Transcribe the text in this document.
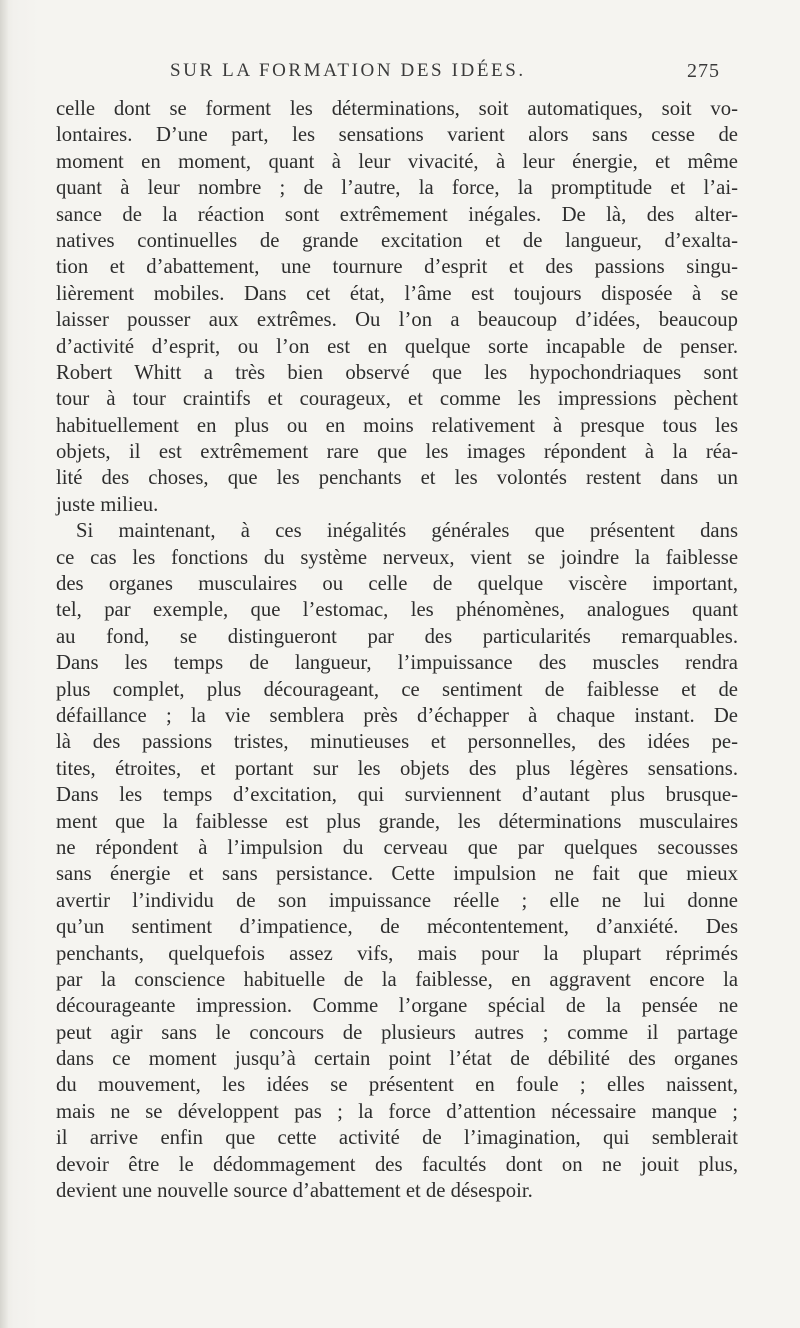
SUR LA FORMATION DES IDÉES.	275
celle dont se forment les déterminations, soit automatiques, soit vo-
lontaires. D’une part, les sensations varient alors sans cesse de
moment en moment, quant à leur vivacité, à leur énergie, et même
quant à leur nombre ; de l’autre, la force, la promptitude et l’ai-
sance de la réaction sont extrêmement inégales. De là, des alter-
natives continuelles de grande excitation et de langueur, d’exalta-
tion et d’abattement, une tournure d’esprit et des passions singu-
lièrement mobiles. Dans cet état, l’âme est toujours disposée à se
laisser pousser aux extrêmes. Ou l’on a beaucoup d’idées, beaucoup
d’activité d’esprit, ou l’on est en quelque sorte incapable de penser.
Robert Whitt a très bien observé que les hypochondriaques sont
tour à tour craintifs et courageux, et comme les impressions pèchent
habituellement en plus ou en moins relativement à presque tous les
objets, il est extrêmement rare que les images répondent à la réa-
lité des choses, que les penchants et les volontés restent dans un
juste milieu.
Si maintenant, à ces inégalités générales que présentent dans
ce cas les fonctions du système nerveux, vient se joindre la faiblesse
des organes musculaires ou celle de quelque viscère important,
tel, par exemple, que l’estomac, les phénomènes, analogues quant
au fond, se distingueront par des particularités remarquables.
Dans les temps de langueur, l’impuissance des muscles rendra
plus complet, plus décourageant, ce sentiment de faiblesse et de
défaillance ; la vie semblera près d’échapper à chaque instant. De
là des passions tristes, minutieuses et personnelles, des idées pe-
tites, étroites, et portant sur les objets des plus légères sensations.
Dans les temps d’excitation, qui surviennent d’autant plus brusque-
ment que la faiblesse est plus grande, les déterminations musculaires
ne répondent à l’impulsion du cerveau que par quelques secousses
sans énergie et sans persistance. Cette impulsion ne fait que mieux
avertir l’individu de son impuissance réelle ; elle ne lui donne
qu’un sentiment d’impatience, de mécontentement, d’anxiété. Des
penchants, quelquefois assez vifs, mais pour la plupart réprimés
par la conscience habituelle de la faiblesse, en aggravent encore la
décourageante impression. Comme l’organe spécial de la pensée ne
peut agir sans le concours de plusieurs autres ; comme il partage
dans ce moment jusqu’à certain point l’état de débilité des organes
du mouvement, les idées se présentent en foule ; elles naissent,
mais ne se développent pas ; la force d’attention nécessaire manque ;
il arrive enfin que cette activité de l’imagination, qui semblerait
devoir être le dédommagement des facultés dont on ne jouit plus,
devient une nouvelle source d’abattement et de désespoir.
